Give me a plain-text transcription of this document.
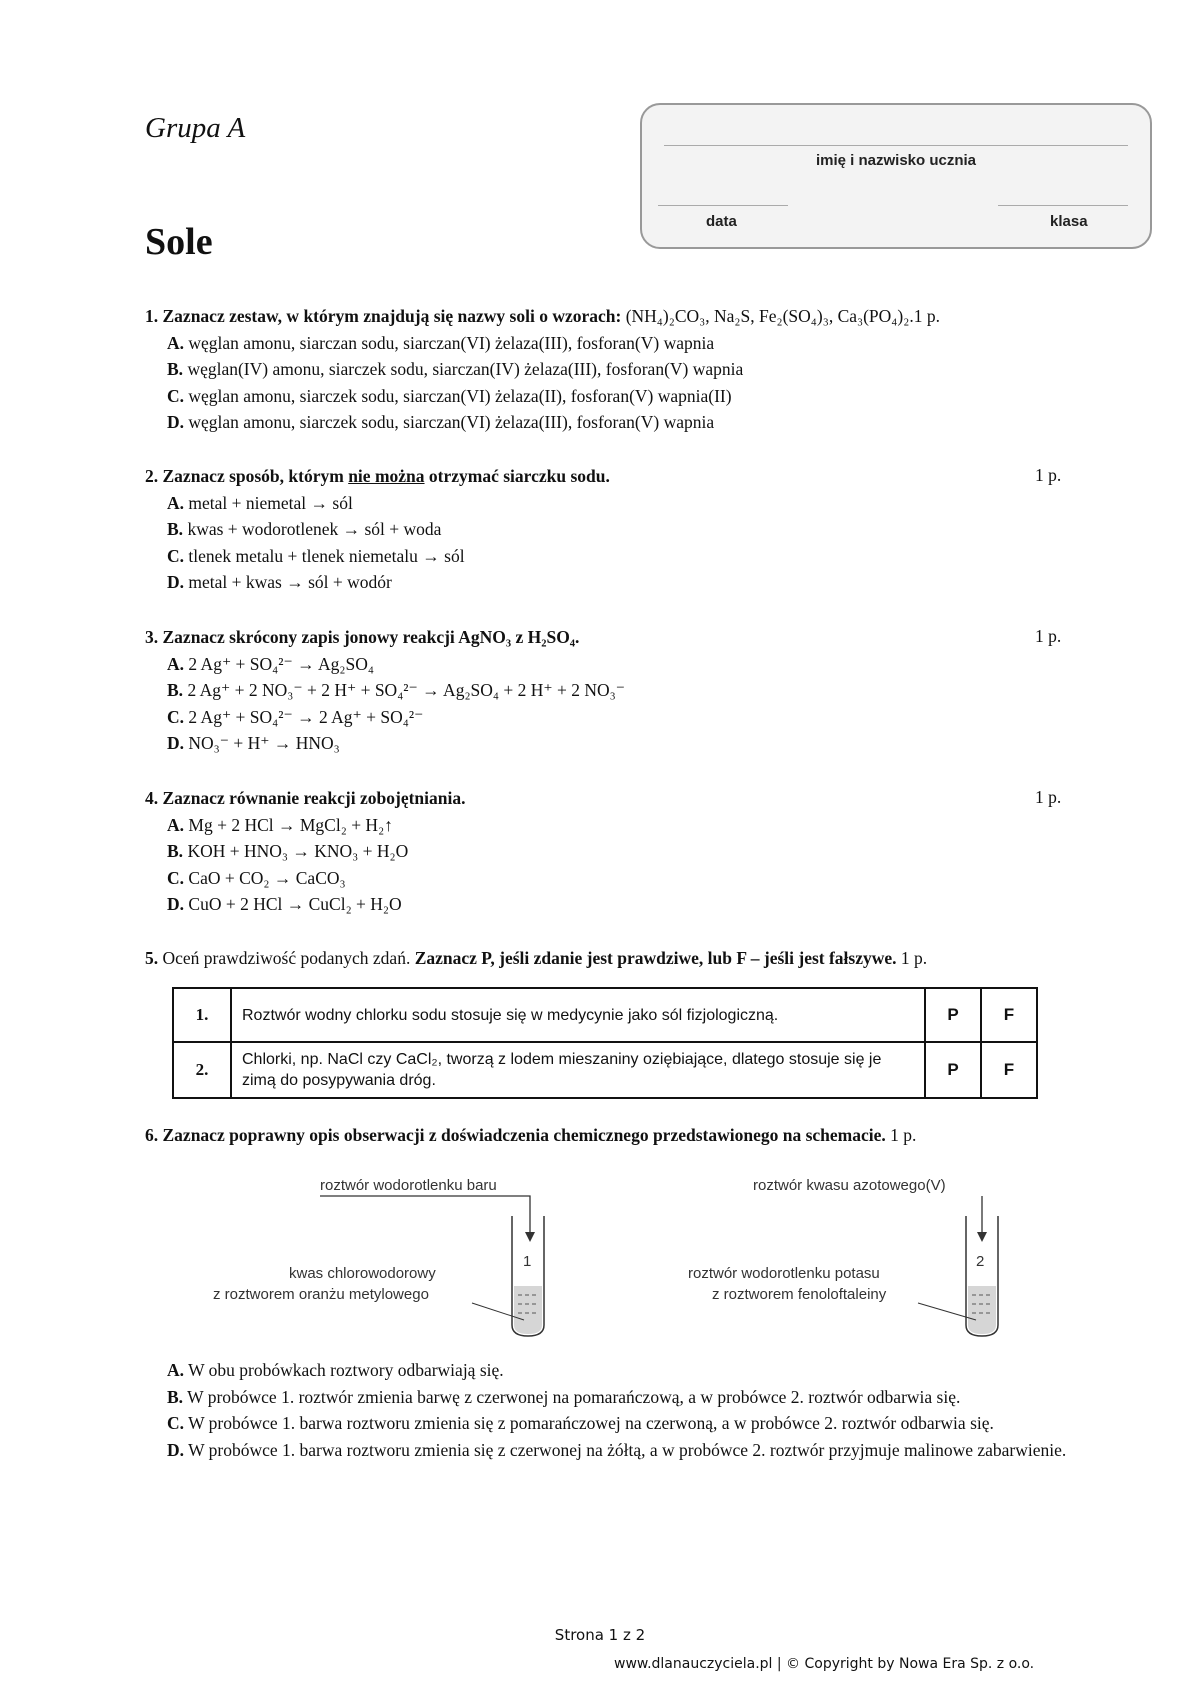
Grupa A
Sole
imię i nazwisko ucznia
data	klasa
1. Zaznacz zestaw, w którym znajdują się nazwy soli o wzorach: (NH₄)₂CO₃, Na₂S, Fe₂(SO₄)₃, Ca₃(PO₄)₂.1 p.
A. węglan amonu, siarczan sodu, siarczan(VI) żelaza(III), fosforan(V) wapnia
B. węglan(IV) amonu, siarczek sodu, siarczan(IV) żelaza(III), fosforan(V) wapnia
C. węglan amonu, siarczek sodu, siarczan(VI) żelaza(II), fosforan(V) wapnia(II)
D. węglan amonu, siarczek sodu, siarczan(VI) żelaza(III), fosforan(V) wapnia
2. Zaznacz sposób, którym nie można otrzymać siarczku sodu.
A. metal + niemetal → sól
B. kwas + wodorotlenek → sól + woda
C. tlenek metalu + tlenek niemetalu → sól
D. metal + kwas → sól + wodór
1 p.
3. Zaznacz skrócony zapis jonowy reakcji AgNO₃ z H₂SO₄.
A. 2 Ag⁺ + SO₄²⁻ → Ag₂SO₄
B. 2 Ag⁺ + 2 NO₃⁻ + 2 H⁺ + SO₄²⁻ → Ag₂SO₄ + 2 H⁺ + 2 NO₃⁻
C. 2 Ag⁺ + SO₄²⁻ → 2 Ag⁺ + SO₄²⁻
D. NO₃⁻ + H⁺ → HNO₃
1 p.
4. Zaznacz równanie reakcji zobojętniania.
A. Mg + 2 HCl → MgCl₂ + H₂↑
B. KOH + HNO₃ → KNO₃ + H₂O
C. CaO + CO₂ → CaCO₃
D. CuO + 2 HCl → CuCl₂ + H₂O
1 p.
5. Oceń prawdziwość podanych zdań. Zaznacz P, jeśli zdanie jest prawdziwe, lub F – jeśli jest fałszywe. 1 p.
1.	Roztwór wodny chlorku sodu stosuje się w medycynie jako sól fizjologiczną.	P	F
2.	Chlorki, np. NaCl czy CaCl₂, tworzą z lodem mieszaniny oziębiające, dlatego stosuje się je zimą do posypywania dróg.	P	F
6. Zaznacz poprawny opis obserwacji z doświadczenia chemicznego przedstawionego na schemacie. 1 p.
roztwór wodorotlenku baru
1
kwas chlorowodorowy
z roztworem oranżu metylowego
roztwór kwasu azotowego(V)
2
roztwór wodorotlenku potasu
z roztworem fenoloftaleiny
A. W obu probówkach roztwory odbarwiają się.
B. W probówce 1. roztwór zmienia barwę z czerwonej na pomarańczową, a w probówce 2. roztwór odbarwia się.
C. W probówce 1. barwa roztworu zmienia się z pomarańczowej na czerwoną, a w probówce 2. roztwór odbarwia się.
D. W probówce 1. barwa roztworu zmienia się z czerwonej na żółtą, a w probówce 2. roztwór przyjmuje malinowe zabarwienie.
Strona 1 z 2
www.dlanauczyciela.pl | © Copyright by Nowa Era Sp. z o.o.
